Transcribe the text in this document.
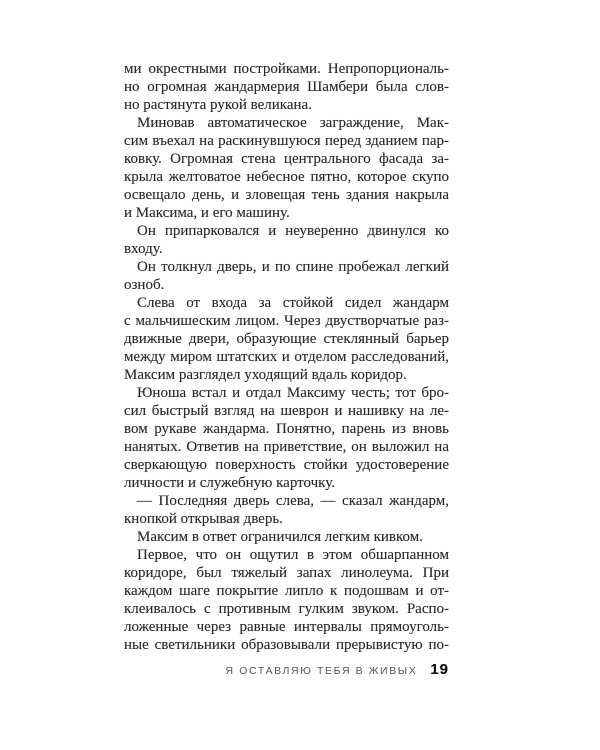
ми окрестными постройками. Непропорциональ-
но огромная жандармерия Шамбери была слов-
но растянута рукой великана.
Миновав автоматическое заграждение, Мак-
сим въехал на раскинувшуюся перед зданием пар-
ковку. Огромная стена центрального фасада за-
крыла желтоватое небесное пятно, которое скупо
освещало день, и зловещая тень здания накрыла
и Максима, и его машину.
Он припарковался и неуверенно двинулся ко
входу.
Он толкнул дверь, и по спине пробежал легкий
озноб.
Слева от входа за стойкой сидел жандарм
с мальчишеским лицом. Через двустворчатые раз-
движные двери, образующие стеклянный барьер
между миром штатских и отделом расследований,
Максим разглядел уходящий вдаль коридор.
Юноша встал и отдал Максиму честь; тот бро-
сил быстрый взгляд на шеврон и нашивку на ле-
вом рукаве жандарма. Понятно, парень из вновь
нанятых. Ответив на приветствие, он выложил на
сверкающую поверхность стойки удостоверение
личности и служебную карточку.
— Последняя дверь слева, — сказал жандарм,
кнопкой открывая дверь.
Максим в ответ ограничился легким кивком.
Первое, что он ощутил в этом обшарпанном
коридоре, был тяжелый запах линолеума. При
каждом шаге покрытие липло к подошвам и от-
клеивалось с противным гулким звуком. Распо-
ложенные через равные интервалы прямоуголь-
ные светильники образовывали прерывистую по-
Я ОСТАВЛЯЮ ТЕБЯ В ЖИВЫХ 19
